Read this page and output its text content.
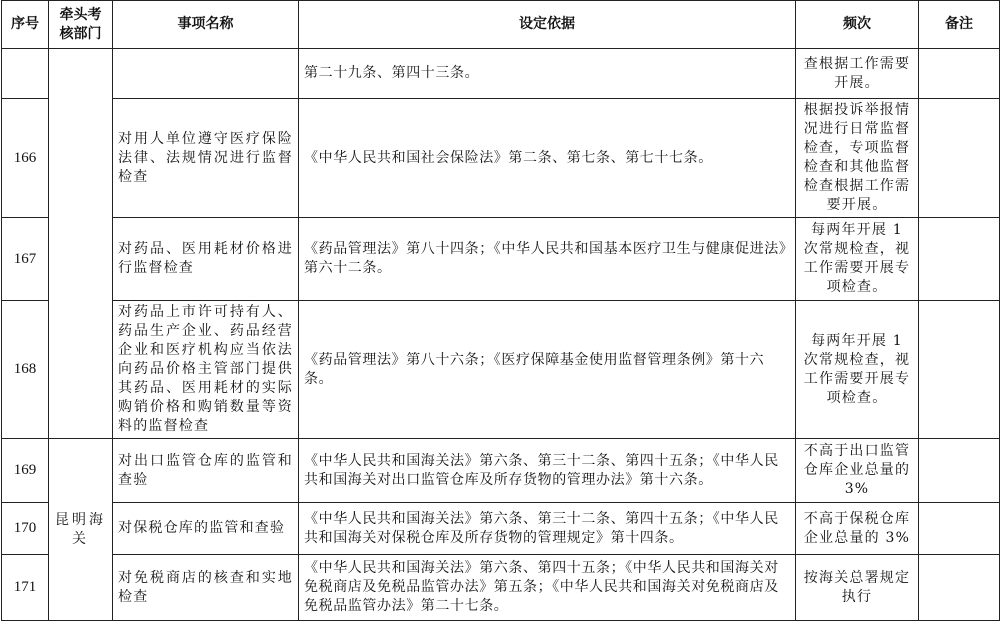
序号	牵头考核部门	事项名称	设定依据	频次	备注
			第二十九条、第四十三条。	查根据工作需要开展。	
166		对用人单位遵守医疗保险法律、法规情况进行监督检查	《中华人民共和国社会保险法》第二条、第七条、第七十七条。	根据投诉举报情况进行日常监督检查，专项监督检查和其他监督检查根据工作需要开展。	
167		对药品、医用耗材价格进行监督检查	《药品管理法》第八十四条；《中华人民共和国基本医疗卫生与健康促进法》第六十二条。	每两年开展 1 次常规检查，视工作需要开展专项检查。	
168		对药品上市许可持有人、药品生产企业、药品经营企业和医疗机构应当依法向药品价格主管部门提供其药品、医用耗材的实际购销价格和购销数量等资料的监督检查	《药品管理法》第八十六条；《医疗保障基金使用监督管理条例》第十六条。	每两年开展 1 次常规检查，视工作需要开展专项检查。	
169	昆明海关	对出口监管仓库的监管和查验	《中华人民共和国海关法》第六条、第三十二条、第四十五条；《中华人民共和国海关对出口监管仓库及所存货物的管理办法》第十六条。	不高于出口监管仓库企业总量的 3%	
170		对保税仓库的监管和查验	《中华人民共和国海关法》第六条、第三十二条、第四十五条；《中华人民共和国海关对保税仓库及所存货物的管理规定》第十四条。	不高于保税仓库企业总量的 3%	
171		对免税商店的核查和实地检查	《中华人民共和国海关法》第六条、第四十五条；《中华人民共和国海关对免税商店及免税品监管办法》第五条；《中华人民共和国海关对免税商店及免税品监管办法》第二十七条。	按海关总署规定执行	
